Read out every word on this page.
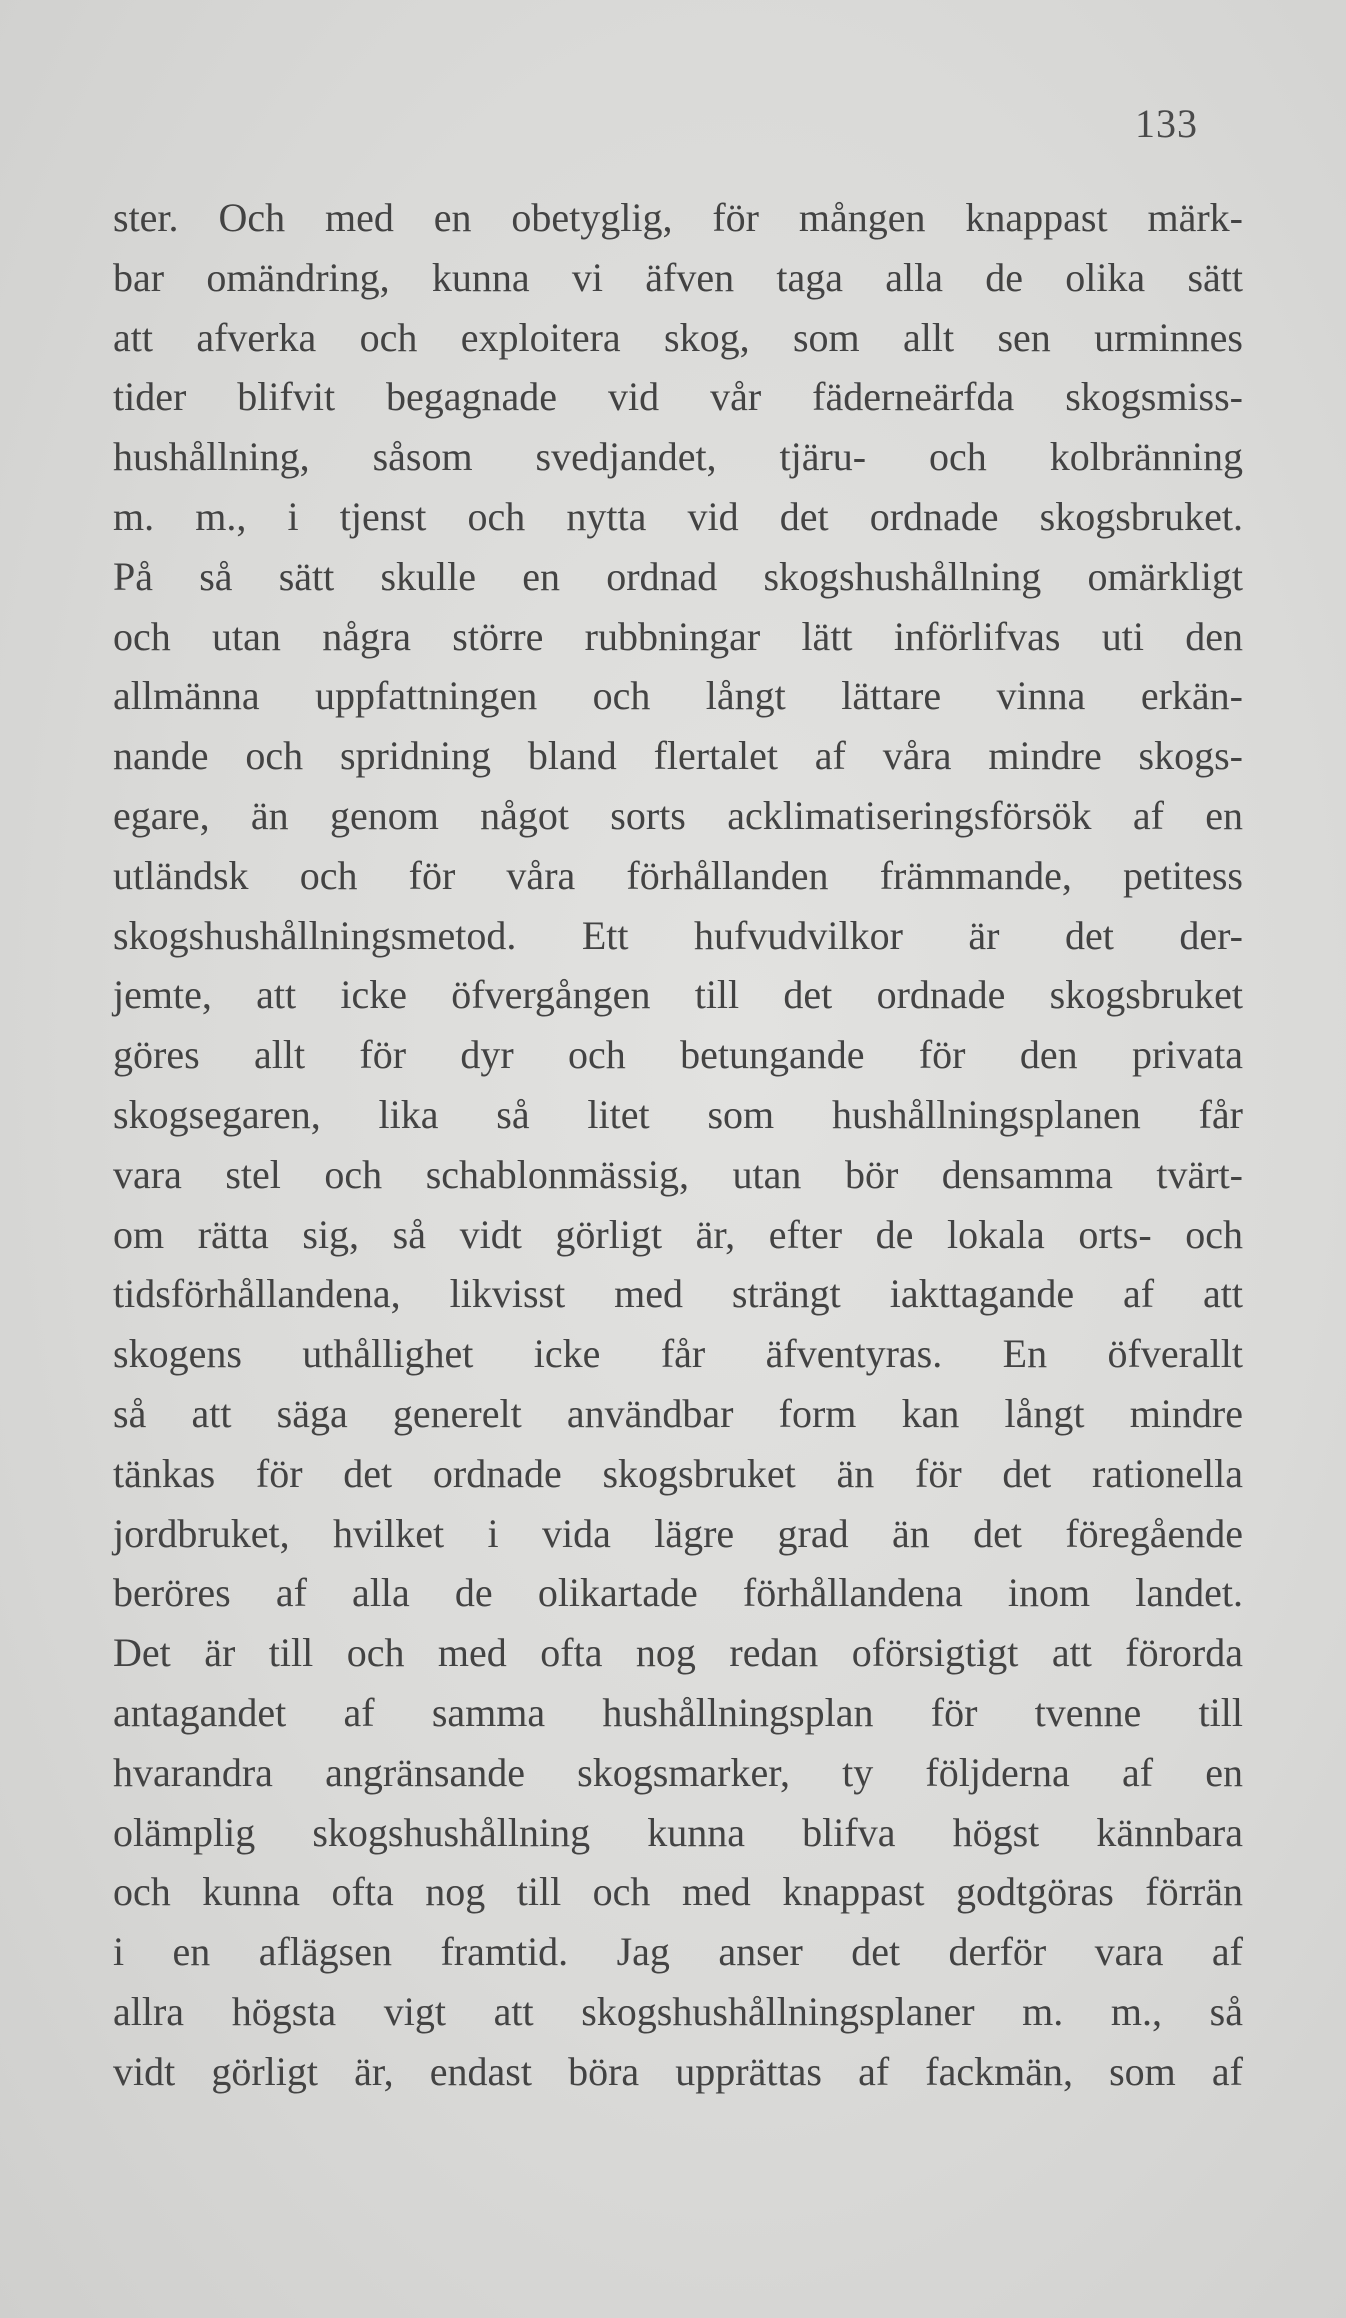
133
ster. Och med en obetyglig, för mången knappast märk-
bar omändring, kunna vi äfven taga alla de olika sätt
att afverka och exploitera skog, som allt sen urminnes
tider blifvit begagnade vid vår fäderneärfda skogsmiss-
hushållning, såsom svedjandet, tjäru- och kolbränning
m. m., i tjenst och nytta vid det ordnade skogsbruket.
På så sätt skulle en ordnad skogshushållning omärkligt
och utan några större rubbningar lätt införlifvas uti den
allmänna uppfattningen och långt lättare vinna erkän-
nande och spridning bland flertalet af våra mindre skogs-
egare, än genom något sorts acklimatiseringsförsök af en
utländsk och för våra förhållanden främmande, petitess
skogshushållningsmetod. Ett hufvudvilkor är det der-
jemte, att icke öfvergången till det ordnade skogsbruket
göres allt för dyr och betungande för den privata
skogsegaren, lika så litet som hushållningsplanen får
vara stel och schablonmässig, utan bör densamma tvärt-
om rätta sig, så vidt görligt är, efter de lokala orts- och
tidsförhållandena, likvisst med strängt iakttagande af att
skogens uthållighet icke får äfventyras. En öfverallt
så att säga generelt användbar form kan långt mindre
tänkas för det ordnade skogsbruket än för det rationella
jordbruket, hvilket i vida lägre grad än det föregående
beröres af alla de olikartade förhållandena inom landet.
Det är till och med ofta nog redan oförsigtigt att förorda
antagandet af samma hushållningsplan för tvenne till
hvarandra angränsande skogsmarker, ty följderna af en
olämplig skogshushållning kunna blifva högst kännbara
och kunna ofta nog till och med knappast godtgöras förrän
i en aflägsen framtid. Jag anser det derför vara af
allra högsta vigt att skogshushållningsplaner m. m., så
vidt görligt är, endast böra upprättas af fackmän, som af
